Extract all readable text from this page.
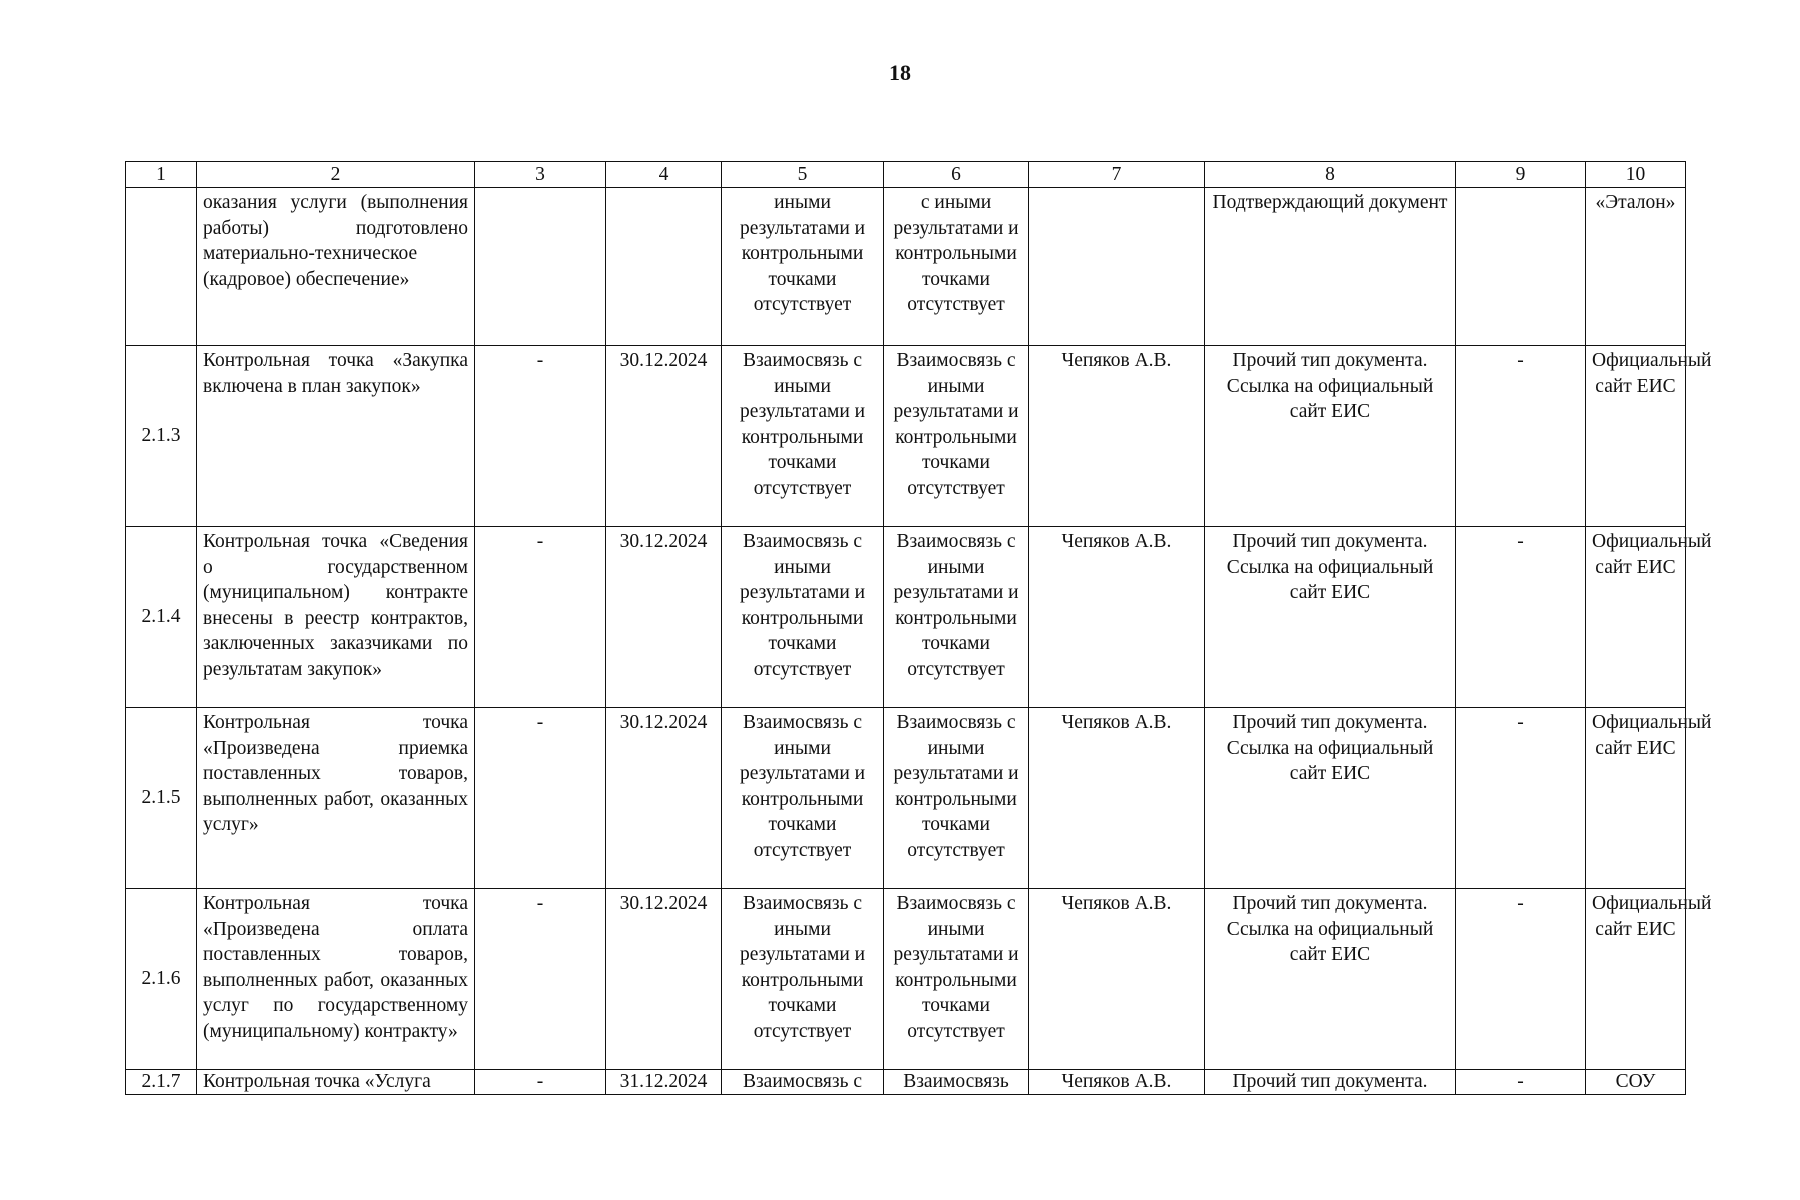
18
1	2	3	4	5	6	7	8	9	10
	оказания услуги (выполнения работы) подготовлено материально-техническое (кадровое) обеспечение»			иными результатами и контрольными точками отсутствует	с иными результатами и контрольными точками отсутствует		Подтверждающий документ		«Эталон»
2.1.3	Контрольная точка «Закупка включена в план закупок»	-	30.12.2024	Взаимосвязь с иными результатами и контрольными точками отсутствует	Взаимосвязь с иными результатами и контрольными точками отсутствует	Чепяков А.В.	Прочий тип документа. Ссылка на официальный сайт ЕИС	-	Официальный сайт ЕИС
2.1.4	Контрольная точка «Сведения о государственном (муниципальном) контракте внесены в реестр контрактов, заключенных заказчиками по результатам закупок»	-	30.12.2024	Взаимосвязь с иными результатами и контрольными точками отсутствует	Взаимосвязь с иными результатами и контрольными точками отсутствует	Чепяков А.В.	Прочий тип документа. Ссылка на официальный сайт ЕИС	-	Официальный сайт ЕИС
2.1.5	Контрольная точка «Произведена приемка поставленных товаров, выполненных работ, оказанных услуг»	-	30.12.2024	Взаимосвязь с иными результатами и контрольными точками отсутствует	Взаимосвязь с иными результатами и контрольными точками отсутствует	Чепяков А.В.	Прочий тип документа. Ссылка на официальный сайт ЕИС	-	Официальный сайт ЕИС
2.1.6	Контрольная точка «Произведена оплата поставленных товаров, выполненных работ, оказанных услуг по государственному (муниципальному) контракту»	-	30.12.2024	Взаимосвязь с иными результатами и контрольными точками отсутствует	Взаимосвязь с иными результатами и контрольными точками отсутствует	Чепяков А.В.	Прочий тип документа. Ссылка на официальный сайт ЕИС	-	Официальный сайт ЕИС
2.1.7	Контрольная точка «Услуга	-	31.12.2024	Взаимосвязь с	Взаимосвязь	Чепяков А.В.	Прочий тип документа.	-	СОУ
